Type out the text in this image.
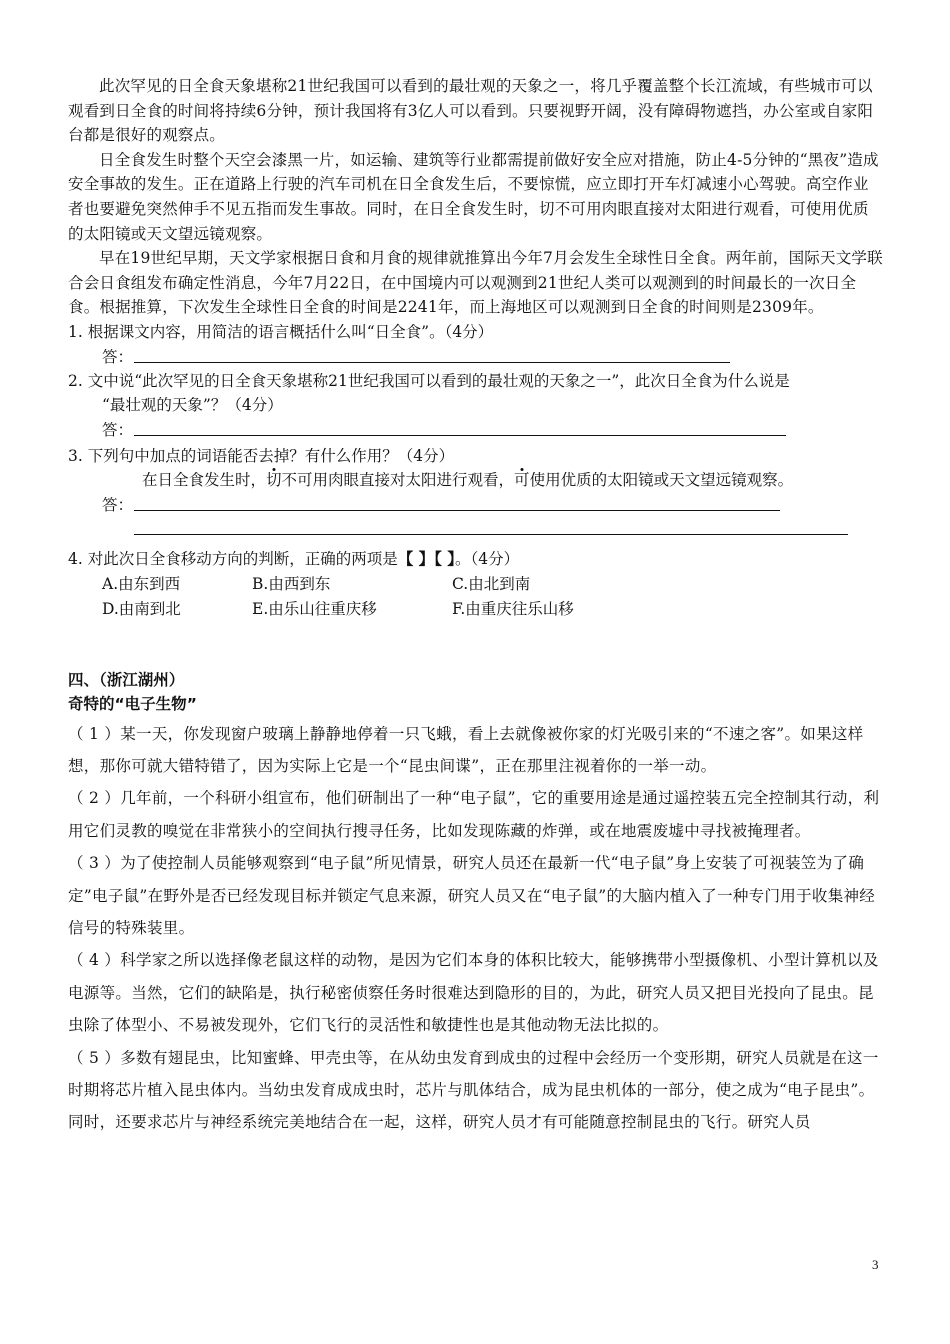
此次罕见的日全食天象堪称21世纪我国可以看到的最壮观的天象之一，将几乎覆盖整个长江流域，有些城市可以观看到日全食的时间将持续6分钟，预计我国将有3亿人可以看到。只要视野开阔，没有障碍物遮挡，办公室或自家阳台都是很好的观察点。

日全食发生时整个天空会漆黑一片，如运输、建筑等行业都需提前做好安全应对措施，防止4-5分钟的“黑夜”造成安全事故的发生。正在道路上行驶的汽车司机在日全食发生后，不要惊慌，应立即打开车灯减速小心驾驶。高空作业者也要避免突然伸手不见五指而发生事故。同时，在日全食发生时，切不可用肉眼直接对太阳进行观看，可使用优质的太阳镜或天文望远镜观察。

早在19世纪早期，天文学家根据日食和月食的规律就推算出今年7月会发生全球性日全食。两年前，国际天文学联合会日食组发布确定性消息，今年7月22日，在中国境内可以观测到21世纪人类可以观测到的时间最长的一次日全食。根据推算，下次发生全球性日全食的时间是2241年，而上海地区可以观测到日全食的时间则是2309年。

1. 根据课文内容，用简洁的语言概括什么叫“日全食”。（4分）

答：

2. 文中说“此次罕见的日全食天象堪称21世纪我国可以看到的最壮观的天象之一”，此次日全食为什么说是

“最壮观的天象”？（4分）

答：

3. 下列句中加点的词语能否去掉？有什么作用？（4分）

在日全食发生时，切不可用肉眼直接对太阳进行观看，可使用优质的太阳镜或天文望远镜观察。

答：

4. 对此次日全食移动方向的判断，正确的两项是【 】【 】。（4分）

A.由东到西	B.由西到东	C.由北到南
D.由南到北	E.由乐山往重庆移	F.由重庆往乐山移

四、（浙江湖州）

奇特的“电子生物”

（ 1 ）某一天，你发现窗户玻璃上静静地停着一只飞蛾，看上去就像被你家的灯光吸引来的“不速之客”。如果这样想，那你可就大错特错了，因为实际上它是一个“昆虫间谍”，正在那里注视着你的一举一动。

（ 2 ）几年前，一个科研小组宣布，他们研制出了一种“电子鼠”，它的重要用途是通过遥控装五完全控制其行动，利用它们灵教的嗅觉在非常狭小的空间执行搜寻任务，比如发现陈藏的炸弹，或在地震废墟中寻找被掩理者。

（ 3 ）为了使控制人员能够观察到“电子鼠”所见情景，研究人员还在最新一代“电子鼠”身上安装了可视装笠为了确定”电子鼠”在野外是否已经发现目标并锁定气息来源，研究人员又在“电子鼠”的大脑内植入了一种专门用于收集神经信号的特殊装里。

（ 4 ）科学家之所以选择像老鼠这样的动物，是因为它们本身的体积比较大，能够携带小型摄像机、小型计算机以及电源等。当然，它们的缺陷是，执行秘密侦察任务时很难达到隐形的目的，为此，研究人员又把目光投向了昆虫。昆虫除了体型小、不易被发现外，它们飞行的灵活性和敏捷性也是其他动物无法比拟的。

（ 5 ）多数有翅昆虫，比知蜜蜂、甲壳虫等，在从幼虫发育到成虫的过程中会经历一个变形期，研究人员就是在这一时期将芯片植入昆虫体内。当幼虫发育成成虫时，芯片与肌体结合，成为昆虫机体的一部分，使之成为“电子昆虫”。同时，还要求芯片与神经系统完美地结合在一起，这样，研究人员才有可能随意控制昆虫的飞行。研究人员

3
